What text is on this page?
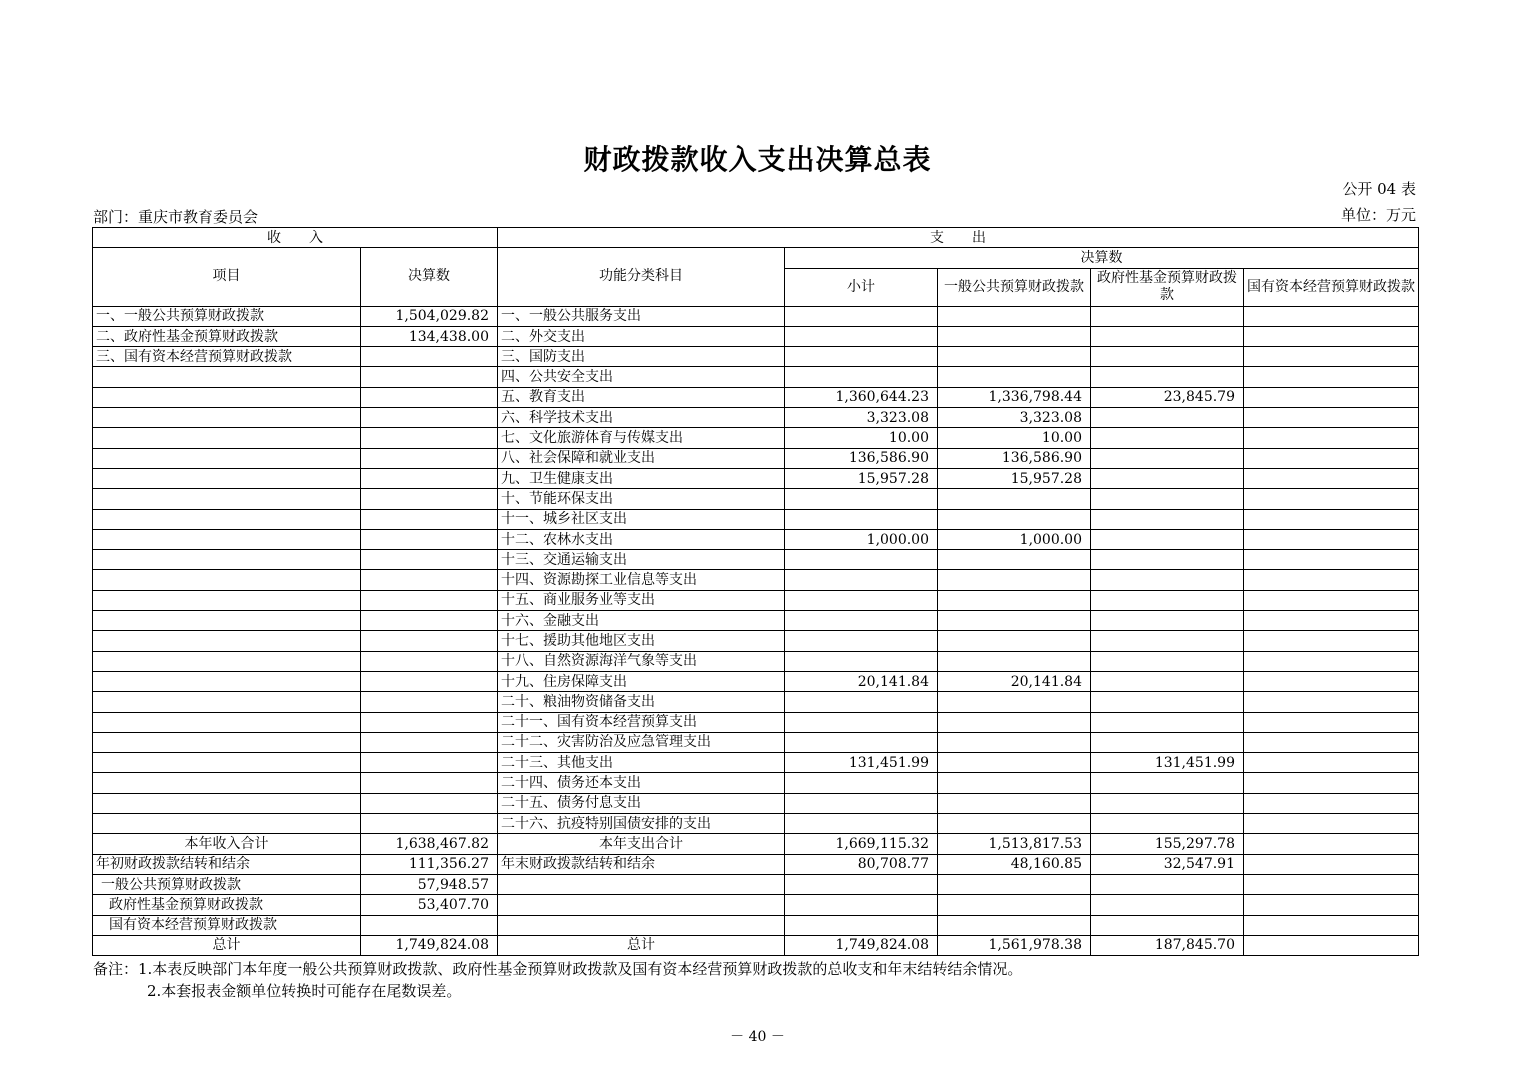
财政拨款收入支出决算总表
公开 04 表
部门：重庆市教育委员会	单位：万元
收　　入		支　　出				
项目	决算数	功能分类科目	决算数			
			小计	一般公共预算财政拨款	政府性基金预算财政拨款	国有资本经营预算财政拨款
一、一般公共预算财政拨款	1,504,029.82	一、一般公共服务支出				
二、政府性基金预算财政拨款	134,438.00	二、外交支出				
三、国有资本经营预算财政拨款		三、国防支出				
		四、公共安全支出				
		五、教育支出	1,360,644.23	1,336,798.44	23,845.79	
		六、科学技术支出	3,323.08	3,323.08		
		七、文化旅游体育与传媒支出	10.00	10.00		
		八、社会保障和就业支出	136,586.90	136,586.90		
		九、卫生健康支出	15,957.28	15,957.28		
		十、节能环保支出				
		十一、城乡社区支出				
		十二、农林水支出	1,000.00	1,000.00		
		十三、交通运输支出				
		十四、资源勘探工业信息等支出				
		十五、商业服务业等支出				
		十六、金融支出				
		十七、援助其他地区支出				
		十八、自然资源海洋气象等支出				
		十九、住房保障支出	20,141.84	20,141.84		
		二十、粮油物资储备支出				
		二十一、国有资本经营预算支出				
		二十二、灾害防治及应急管理支出				
		二十三、其他支出	131,451.99		131,451.99	
		二十四、债务还本支出				
		二十五、债务付息支出				
		二十六、抗疫特别国债安排的支出				
本年收入合计	1,638,467.82	本年支出合计	1,669,115.32	1,513,817.53	155,297.78	
年初财政拨款结转和结余	111,356.27	年末财政拨款结转和结余	80,708.77	48,160.85	32,547.91	
一般公共预算财政拨款	57,948.57					
政府性基金预算财政拨款	53,407.70					
国有资本经营预算财政拨款						
总计	1,749,824.08	总计	1,749,824.08	1,561,978.38	187,845.70	
备注：1.本表反映部门本年度一般公共预算财政拨款、政府性基金预算财政拨款及国有资本经营预算财政拨款的总收支和年末结转结余情况。
2.本套报表金额单位转换时可能存在尾数误差。
－ 40 －
